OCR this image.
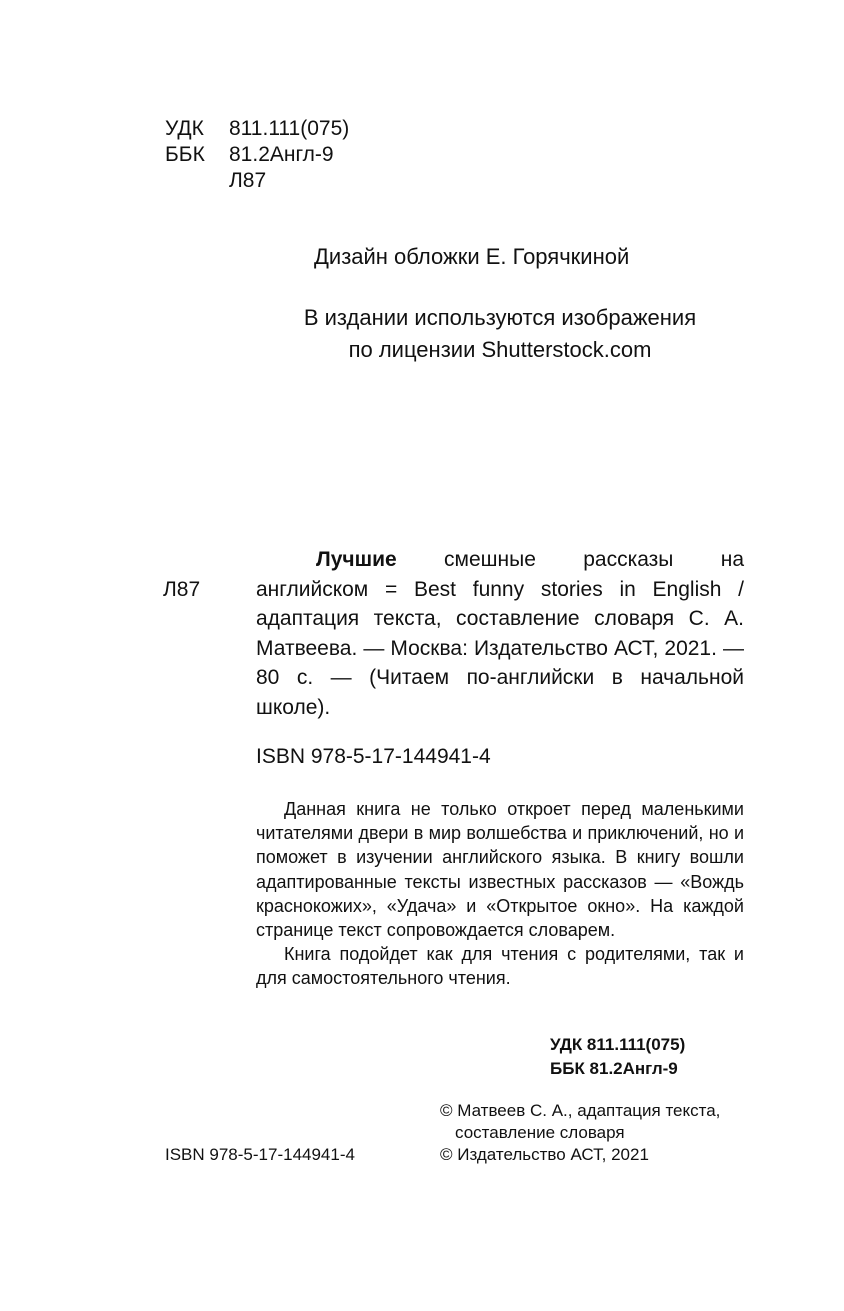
УДК 811.111(075)
ББК 81.2Англ-9
Л87
Дизайн обложки Е. Горячкиной
В издании используются изображения
по лицензии Shutterstock.com
Л87
Лучшие смешные рассказы на
английском = Best funny stories in English / адаптация текста, составление словаря С. А. Матвеева. — Москва: Издательство АСТ, 2021. — 80 с. — (Читаем по-английски в начальной школе).
ISBN 978-5-17-144941-4

Данная книга не только откроет перед маленькими читателями двери в мир волшебства и приключений, но и поможет в изучении английского языка. В книгу вошли адаптированные тексты известных рассказов — «Вождь краснокожих», «Удача» и «Открытое окно». На каждой странице текст сопровождается словарем.

Книга подойдет как для чтения с родителями, так и для самостоятельного чтения.

УДК 811.111(075)
ББК 81.2Англ-9
© Матвеев С. А., адаптация текста,
составление словаря
ISBN 978-5-17-144941-4	© Издательство АСТ, 2021
